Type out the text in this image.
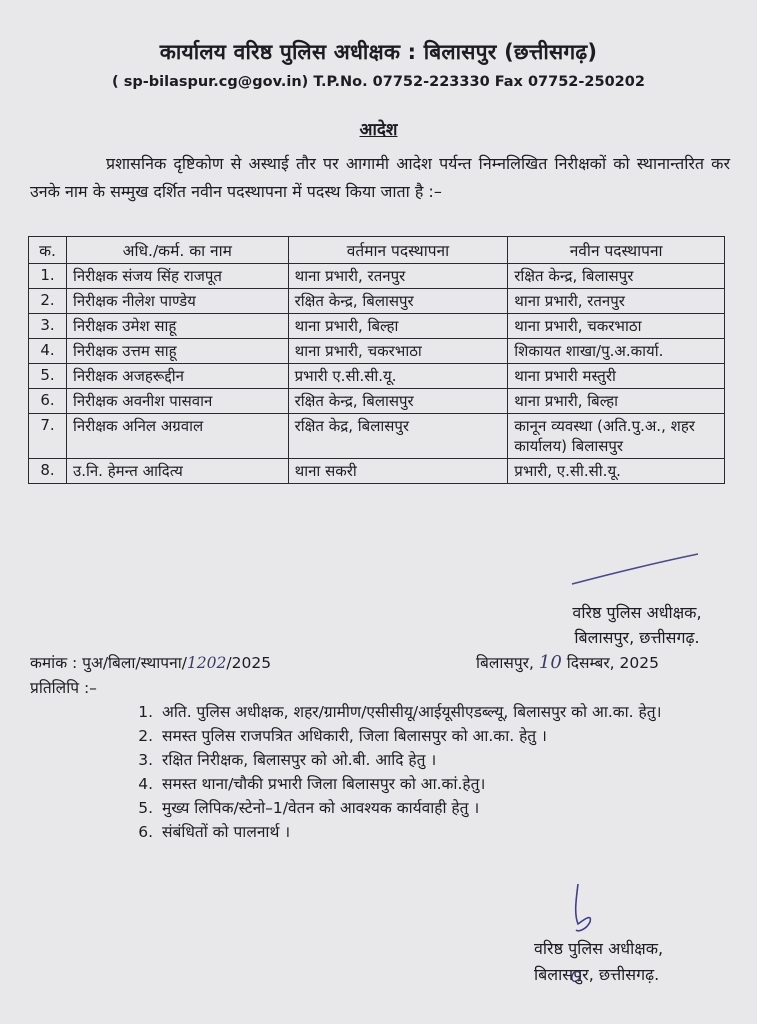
कार्यालय वरिष्ठ पुलिस अधीक्षक : बिलासपुर (छत्तीसगढ़)
( sp-bilaspur.cg@gov.in) T.P.No. 07752-223330 Fax 07752-250202
आदेश
प्रशासनिक दृष्टिकोण से अस्थाई तौर पर आगामी आदेश पर्यन्त निम्नलिखित निरीक्षकों को स्थानान्तरित कर उनके नाम के सम्मुख दर्शित नवीन पदस्थापना में पदस्थ किया जाता है :–
क.	अधि./कर्म. का नाम	वर्तमान पदस्थापना	नवीन पदस्थापना
1.	निरीक्षक संजय सिंह राजपूत	थाना प्रभारी, रतनपुर	रक्षित केन्द्र, बिलासपुर
2.	निरीक्षक नीलेश पाण्डेय	रक्षित केन्द्र, बिलासपुर	थाना प्रभारी, रतनपुर
3.	निरीक्षक उमेश साहू	थाना प्रभारी, बिल्हा	थाना प्रभारी, चकरभाठा
4.	निरीक्षक उत्तम साहू	थाना प्रभारी, चकरभाठा	शिकायत शाखा/पु.अ.कार्या.
5.	निरीक्षक अजहरूद्दीन	प्रभारी ए.सी.सी.यू.	थाना प्रभारी मस्तुरी
6.	निरीक्षक अवनीश पासवान	रक्षित केन्द्र, बिलासपुर	थाना प्रभारी, बिल्हा
7.	निरीक्षक अनिल अग्रवाल	रक्षित केद्र, बिलासपुर	कानून व्यवस्था (अति.पु.अ., शहर कार्यालय) बिलासपुर
8.	उ.नि. हेमन्त आदित्य	थाना सकरी	प्रभारी, ए.सी.सी.यू.
वरिष्ठ पुलिस अधीक्षक,
बिलासपुर, छत्तीसगढ़.
कमांक : पुअ/बिला/स्थापना/1202/2025	बिलासपुर, 10 दिसम्बर, 2025
प्रतिलिपि :–
1. अति. पुलिस अधीक्षक, शहर/ग्रामीण/एसीसीयू/आईयूसीएडब्ल्यू, बिलासपुर को आ.का. हेतु।
2. समस्त पुलिस राजपत्रित अधिकारी, जिला बिलासपुर को आ.का. हेतु ।
3. रक्षित निरीक्षक, बिलासपुर को ओ.बी. आदि हेतु ।
4. समस्त थाना/चौकी प्रभारी जिला बिलासपुर को आ.कां.हेतु।
5. मुख्य लिपिक/स्टेनो–1/वेतन को आवश्यक कार्यवाही हेतु ।
6. संबंधितों को पालनार्थ ।
वरिष्ठ पुलिस अधीक्षक,
बिलासपुर, छत्तीसगढ़.
